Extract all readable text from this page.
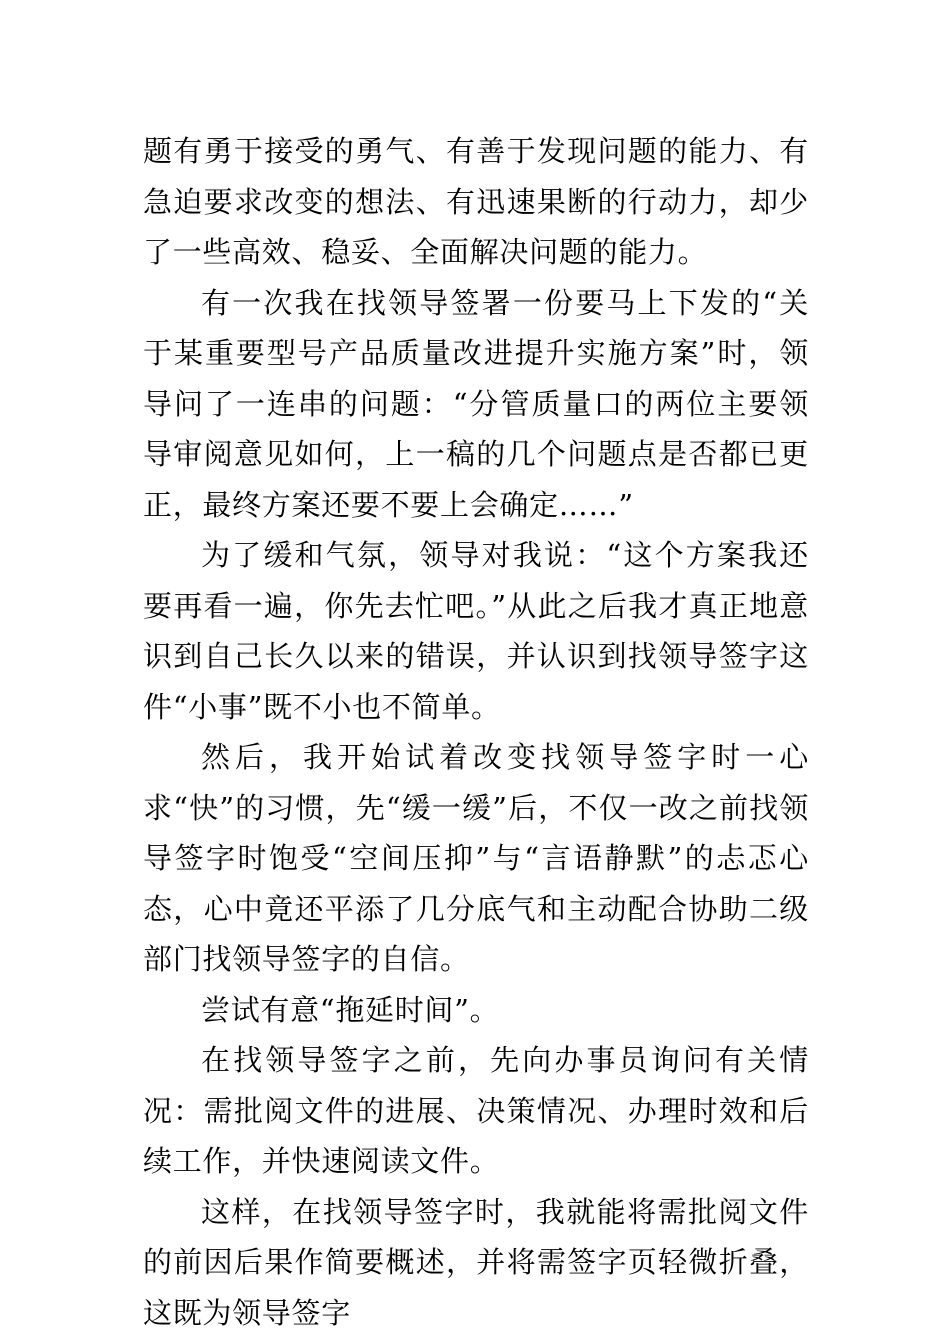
题有勇于接受的勇气、有善于发现问题的能力、有急迫要求改变的想法、有迅速果断的行动力，却少了一些高效、稳妥、全面解决问题的能力。

有一次我在找领导签署一份要马上下发的“关于某重要型号产品质量改进提升实施方案”时，领导问了一连串的问题：“分管质量口的两位主要领导审阅意见如何，上一稿的几个问题点是否都已更正，最终方案还要不要上会确定……”

为了缓和气氛，领导对我说：“这个方案我还要再看一遍，你先去忙吧。”从此之后我才真正地意识到自己长久以来的错误，并认识到找领导签字这件“小事”既不小也不简单。

然后，我开始试着改变找领导签字时一心求“快”的习惯，先“缓一缓”后，不仅一改之前找领导签字时饱受“空间压抑”与“言语静默”的忐忑心态，心中竟还平添了几分底气和主动配合协助二级部门找领导签字的自信。

尝试有意“拖延时间”。

在找领导签字之前，先向办事员询问有关情况：需批阅文件的进展、决策情况、办理时效和后续工作，并快速阅读文件。

这样，在找领导签字时，我就能将需批阅文件的前因后果作简要概述，并将需签字页轻微折叠，这既为领导签字
